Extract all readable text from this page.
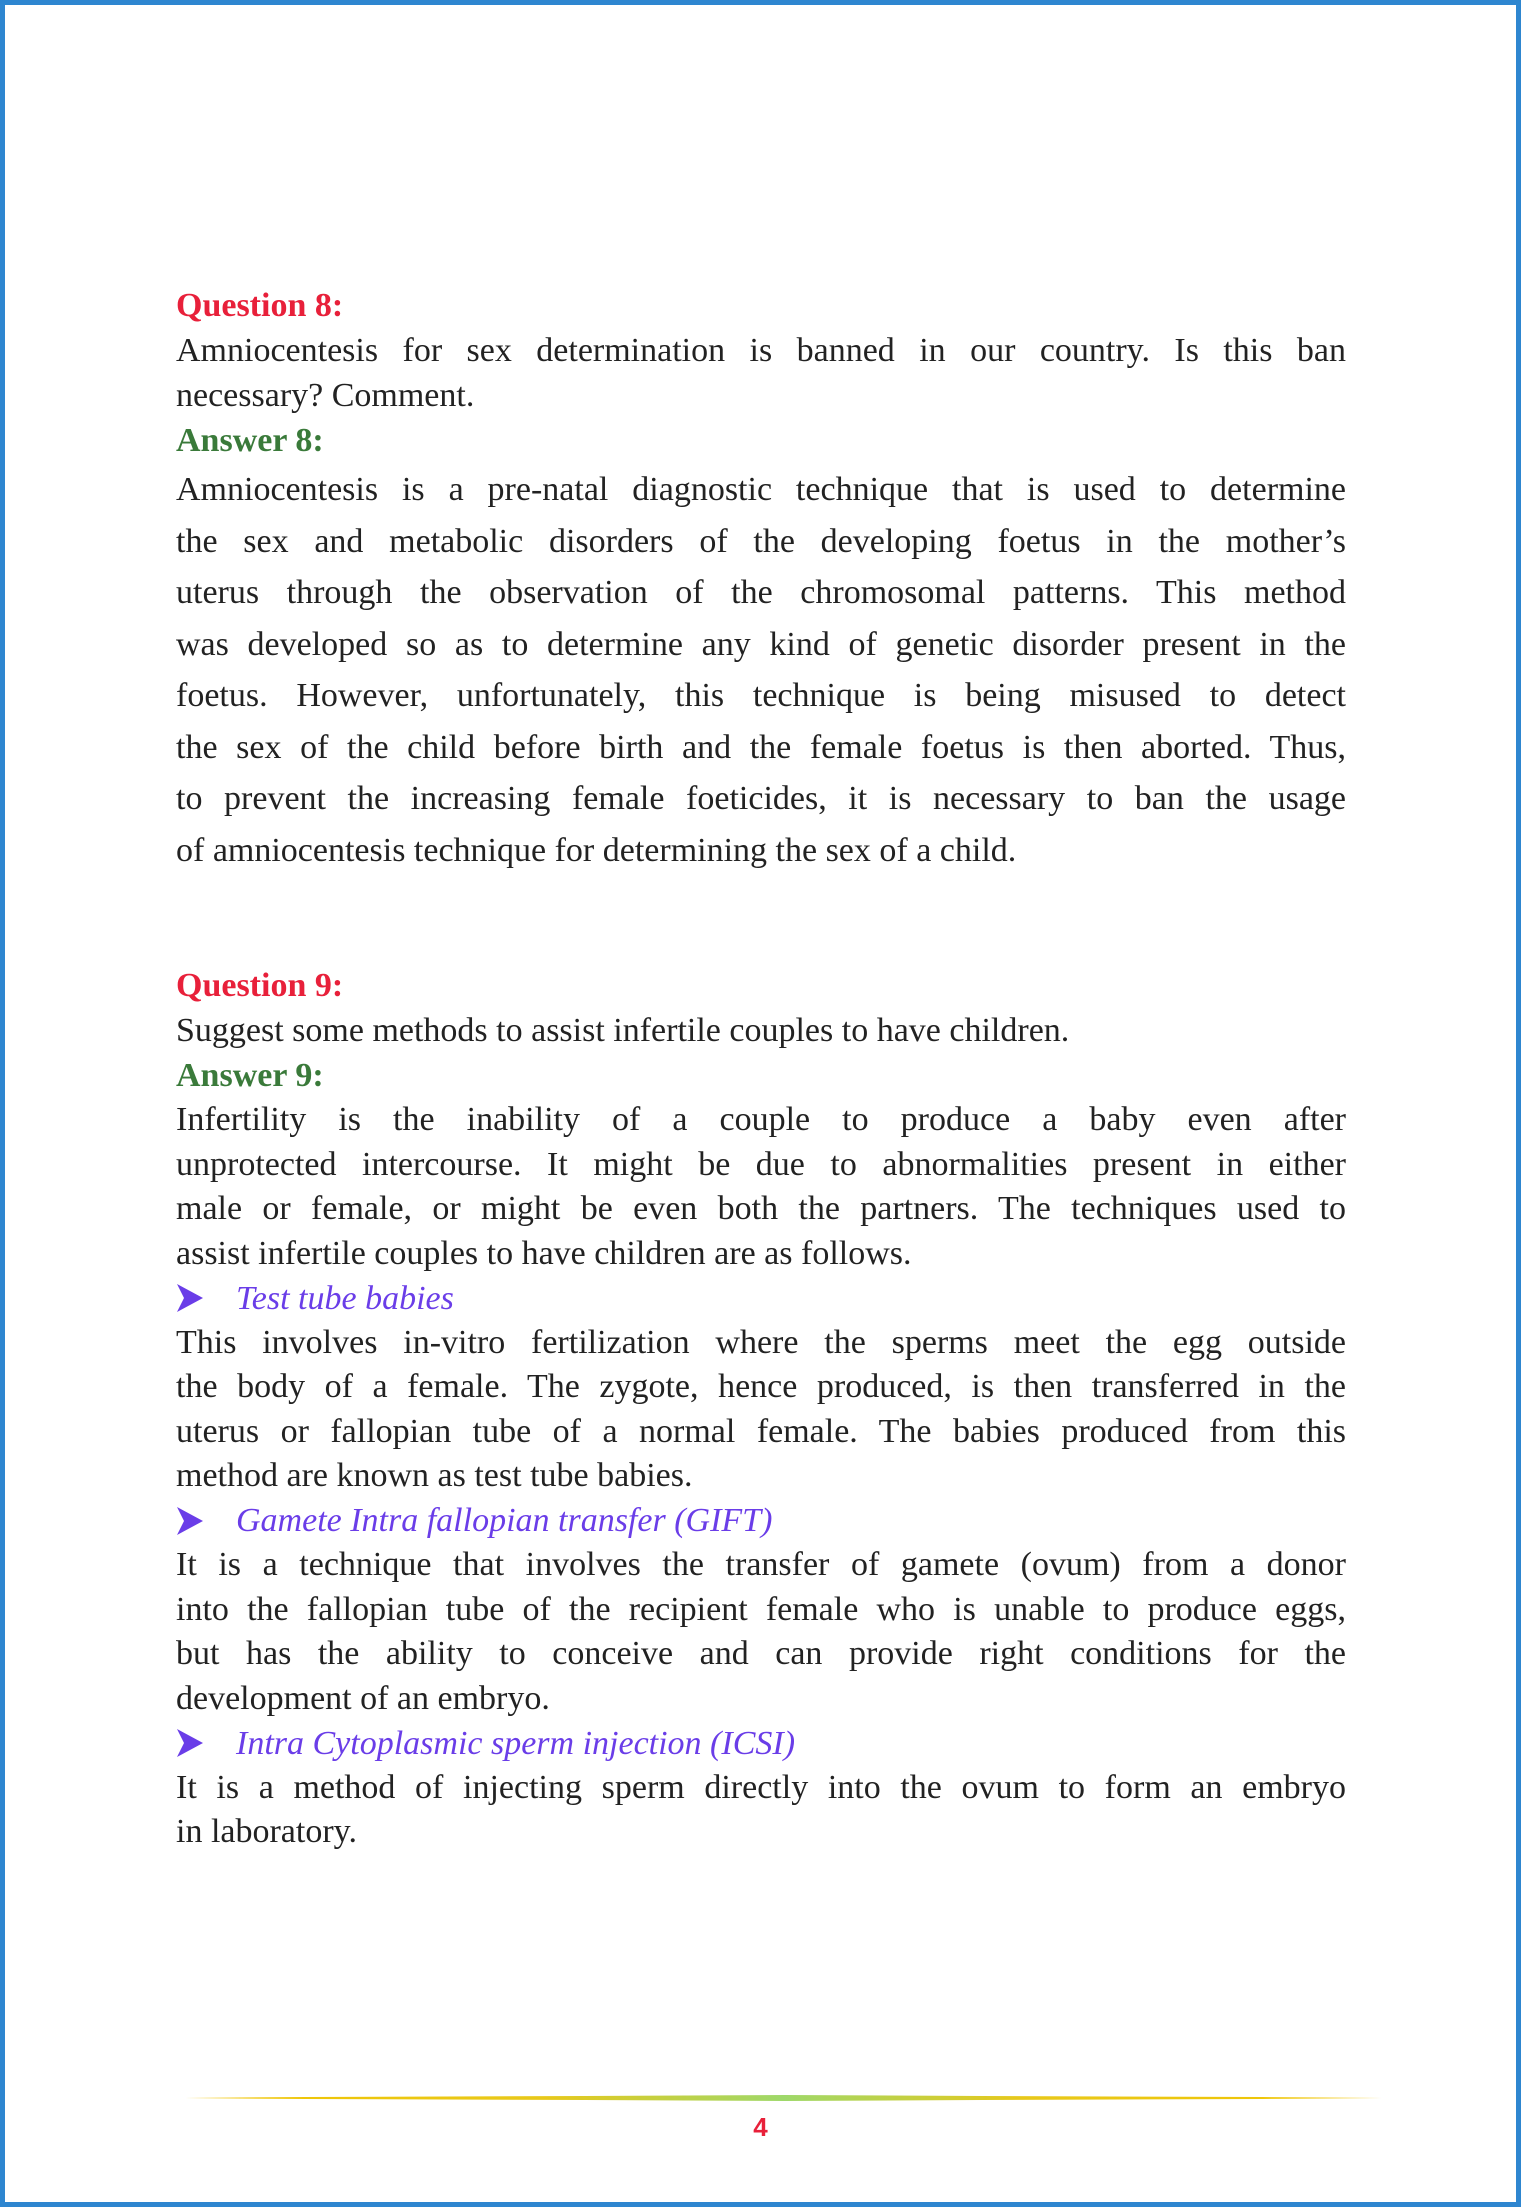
Question 8:
Amniocentesis for sex determination is banned in our country. Is this ban
necessary? Comment.
Answer 8:
Amniocentesis is a pre-natal diagnostic technique that is used to determine
the sex and metabolic disorders of the developing foetus in the mother’s
uterus through the observation of the chromosomal patterns. This method
was developed so as to determine any kind of genetic disorder present in the
foetus. However, unfortunately, this technique is being misused to detect
the sex of the child before birth and the female foetus is then aborted. Thus,
to prevent the increasing female foeticides, it is necessary to ban the usage
of amniocentesis technique for determining the sex of a child.
Question 9:
Suggest some methods to assist infertile couples to have children.
Answer 9:
Infertility is the inability of a couple to produce a baby even after
unprotected intercourse. It might be due to abnormalities present in either
male or female, or might be even both the partners. The techniques used to
assist infertile couples to have children are as follows.
Test tube babies
This involves in-vitro fertilization where the sperms meet the egg outside
the body of a female. The zygote, hence produced, is then transferred in the
uterus or fallopian tube of a normal female. The babies produced from this
method are known as test tube babies.
Gamete Intra fallopian transfer (GIFT)
It is a technique that involves the transfer of gamete (ovum) from a donor
into the fallopian tube of the recipient female who is unable to produce eggs,
but has the ability to conceive and can provide right conditions for the
development of an embryo.
Intra Cytoplasmic sperm injection (ICSI)
It is a method of injecting sperm directly into the ovum to form an embryo
in laboratory.
4
